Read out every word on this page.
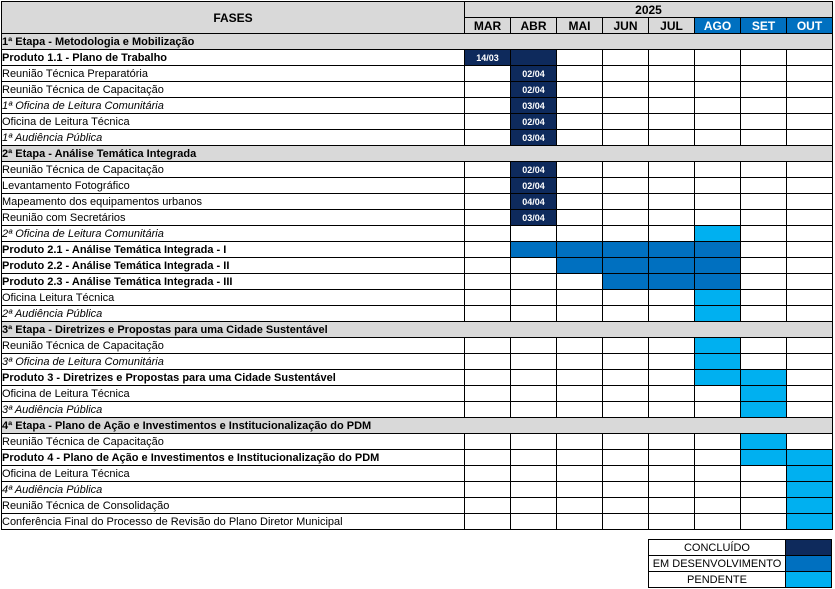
FASES	2025							
	MAR	ABR	MAI	JUN	JUL	AGO	SET	OUT
1ª Etapa - Metodologia e Mobilização								
Produto 1.1 - Plano de Trabalho	14/03							
Reunião Técnica Preparatória		02/04						
Reunião Técnica de Capacitação		02/04						
1ª Oficina de Leitura Comunitária		03/04						
Oficina de Leitura Técnica		02/04						
1ª Audiência Pública		03/04						
2ª Etapa - Análise Temática Integrada								
Reunião Técnica de Capacitação		02/04						
Levantamento Fotográfico		02/04						
Mapeamento dos equipamentos urbanos		04/04						
Reunião com Secretários		03/04						
2ª Oficina de Leitura Comunitária								
Produto 2.1 - Análise Temática Integrada - I								
Produto 2.2 - Análise Temática Integrada - II								
Produto 2.3 - Análise Temática Integrada - III								
Oficina Leitura Técnica								
2ª Audiência Pública								
3ª Etapa - Diretrizes e Propostas para uma Cidade Sustentável								
Reunião Técnica de Capacitação								
3ª Oficina de Leitura Comunitária								
Produto 3 - Diretrizes e Propostas para uma Cidade Sustentável								
Oficina de Leitura Técnica								
3ª Audiência Pública								
4ª Etapa - Plano de Ação e Investimentos e Institucionalização do PDM								
Reunião Técnica de Capacitação								
Produto 4 - Plano de Ação e Investimentos e Institucionalização do PDM								
Oficina de Leitura Técnica								
4ª Audiência Pública								
Reunião Técnica de Consolidação								
Conferência Final do Processo de Revisão do Plano Diretor Municipal								
CONCLUÍDO	
EM DESENVOLVIMENTO	
PENDENTE	
